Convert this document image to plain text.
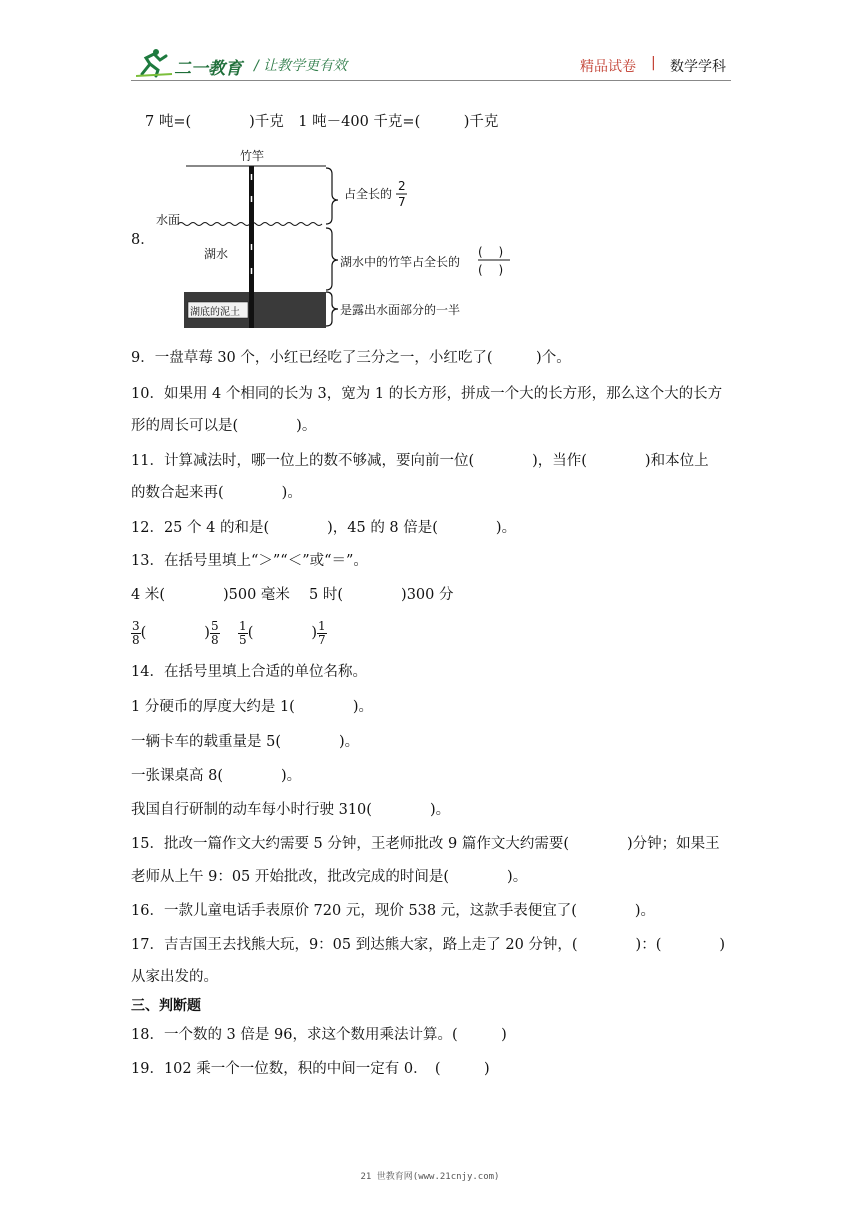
二一教育 / 让教学更有效	精品试卷 | 数学学科
7 吨=(　　　　)千克　1 吨－400 千克=(　　　)千克
8．
竹竿
水面
湖水
湖底的泥土
占全长的
2
7
湖水中的竹竿占全长的
(　 )
(　 )
是露出水面部分的一半
9．一盘草莓 30 个，小红已经吃了三分之一，小红吃了(　　　)个。
10．如果用 4 个相同的长为 3，宽为 1 的长方形，拼成一个大的长方形，那么这个大的长方
形的周长可以是(　　　　)。
11．计算减法时，哪一位上的数不够减，要向前一位(　　　　)，当作(　　　　)和本位上
的数合起来再(　　　　)。
12．25 个 4 的和是(　　　　)，45 的 8 倍是(　　　　)。
13．在括号里填上“＞”“＜”或“＝”。
4 米(　　　　)500 毫米　 5 时(　　　　)300 分
$\frac{3}{8}$ (　　　　) $\frac{5}{8}$
$\frac{1}{5}$ (　　　　) $\frac{1}{7}$
14．在括号里填上合适的单位名称。
1 分硬币的厚度大约是 1(　　　　)。
一辆卡车的载重量是 5(　　　　)。
一张课桌高 8(　　　　)。
我国自行研制的动车每小时行驶 310(　　　　)。
15．批改一篇作文大约需要 5 分钟，王老师批改 9 篇作文大约需要(　　　　)分钟；如果王
老师从上午 9：05 开始批改，批改完成的时间是(　　　　)。
16．一款儿童电话手表原价 720 元，现价 538 元，这款手表便宜了(　　　　)。
17．吉吉国王去找熊大玩，9：05 到达熊大家，路上走了 20 分钟，(　　　　)：(　　　　)
从家出发的。
三、判断题
18．一个数的 3 倍是 96，求这个数用乘法计算。(　　　)
19．102 乘一个一位数，积的中间一定有 0．　(　　　)
21 世教育网(www.21cnjy.com)
